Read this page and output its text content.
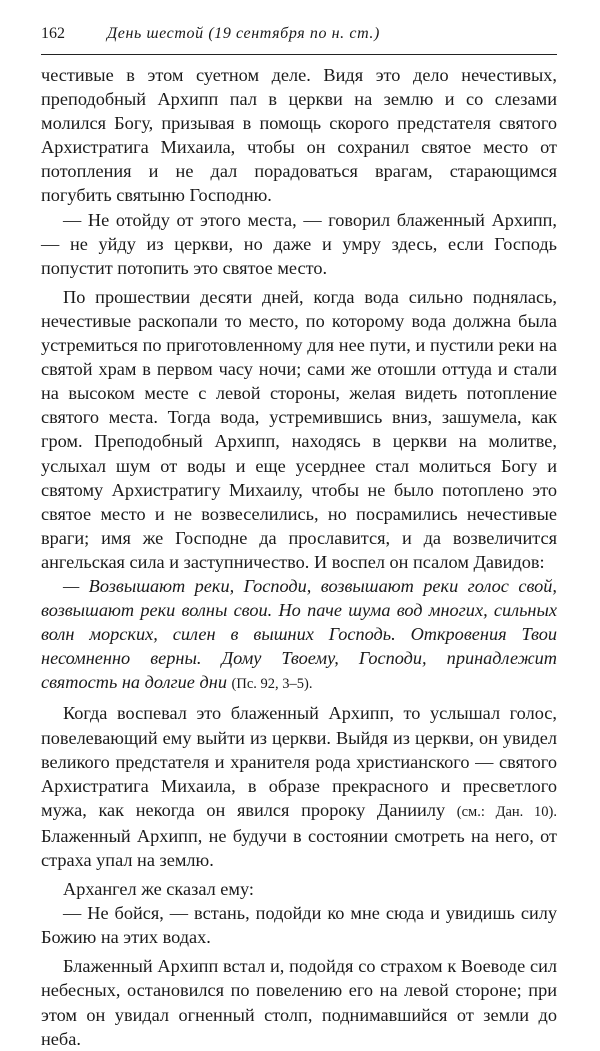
162	День шестой (19 сентября по н. ст.)

честивые в этом суетном деле. Видя это дело нечестивых, преподобный Архипп пал в церкви на землю и со слезами молился Богу, призывая в помощь скорого предстателя святого Архистратига Михаила, чтобы он сохранил святое место от потопления и не дал порадоваться врагам, старающимся погубить святыню Господню.

— Не отойду от этого места, — говорил блаженный Архипп, — не уйду из церкви, но даже и умру здесь, если Господь попустит потопить это святое место.

По прошествии десяти дней, когда вода сильно поднялась, нечестивые раскопали то место, по которому вода должна была устремиться по приготовленному для нее пути, и пустили реки на святой храм в первом часу ночи; сами же отошли оттуда и стали на высоком месте с левой стороны, желая видеть потопление святого места. Тогда вода, устремившись вниз, зашумела, как гром. Преподобный Архипп, находясь в церкви на молитве, услыхал шум от воды и еще усерднее стал молиться Богу и святому Архистратигу Михаилу, чтобы не было потоплено это святое место и не возвеселились, но посрамились нечестивые враги; имя же Господне да прославится, и да возвеличится ангельская сила и заступничество. И воспел он псалом Давидов:

— Возвышают реки, Господи, возвышают реки голос свой, возвышают реки волны свои. Но паче шума вод многих, сильных волн морских, силен в вышних Господь. Откровения Твои несомненно верны. Дому Твоему, Господи, принадлежит святость на долгие дни (Пс. 92, 3–5).

Когда воспевал это блаженный Архипп, то услышал голос, повелевающий ему выйти из церкви. Выйдя из церкви, он увидел великого предстателя и хранителя рода христианского — святого Архистратига Михаила, в образе прекрасного и пресветлого мужа, как некогда он явился пророку Даниилу (см.: Дан. 10). Блаженный Архипп, не будучи в состоянии смотреть на него, от страха упал на землю.

Архангел же сказал ему:

— Не бойся, — встань, подойди ко мне сюда и увидишь силу Божию на этих водах.

Блаженный Архипп встал и, подойдя со страхом к Воеводе сил небесных, остановился по повелению его на левой стороне; при этом он увидал огненный столп, поднимавшийся от земли до неба.
